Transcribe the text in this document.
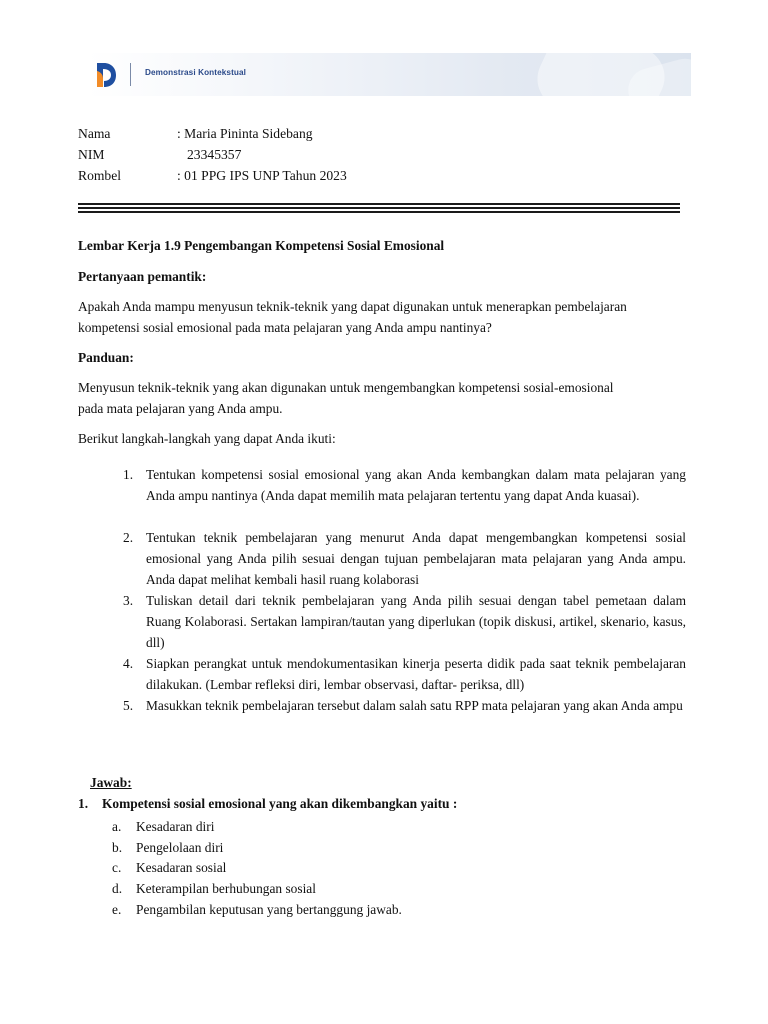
Demonstrasi Kontekstual
Nama	: Maria Pininta Sidebang
NIM	23345357
Rombel	: 01 PPG IPS UNP Tahun 2023

Lembar Kerja 1.9 Pengembangan Kompetensi Sosial Emosional

Pertanyaan pemantik:

Apakah Anda mampu menyusun teknik-teknik yang dapat digunakan untuk menerapkan pembelajaran

kompetensi sosial emosional pada mata pelajaran yang Anda ampu nantinya?

Panduan:

Menyusun teknik-teknik yang akan digunakan untuk mengembangkan kompetensi sosial-emosional

pada mata pelajaran yang Anda ampu.

Berikut langkah-langkah yang dapat Anda ikuti:

1. Tentukan kompetensi sosial emosional yang akan Anda kembangkan dalam mata pelajaran yang Anda ampu nantinya (Anda dapat memilih mata pelajaran tertentu yang dapat Anda kuasai).
2. Tentukan teknik pembelajaran yang menurut Anda dapat mengembangkan kompetensi sosial emosional yang Anda pilih sesuai dengan tujuan pembelajaran mata pelajaran yang Anda ampu. Anda dapat melihat kembali hasil ruang kolaborasi
3. Tuliskan detail dari teknik pembelajaran yang Anda pilih sesuai dengan tabel pemetaan dalam Ruang Kolaborasi. Sertakan lampiran/tautan yang diperlukan (topik diskusi, artikel, skenario, kasus, dll)
4. Siapkan perangkat untuk mendokumentasikan kinerja peserta didik pada saat teknik pembelajaran dilakukan. (Lembar refleksi diri, lembar observasi, daftar- periksa, dll)
5. Masukkan teknik pembelajaran tersebut dalam salah satu RPP mata pelajaran yang akan Anda ampu

Jawab:

1.	Kompetensi sosial emosional yang akan dikembangkan yaitu :

a. Kesadaran diri
b. Pengelolaan diri
c. Kesadaran sosial
d. Keterampilan berhubungan sosial
e. Pengambilan keputusan yang bertanggung jawab.
